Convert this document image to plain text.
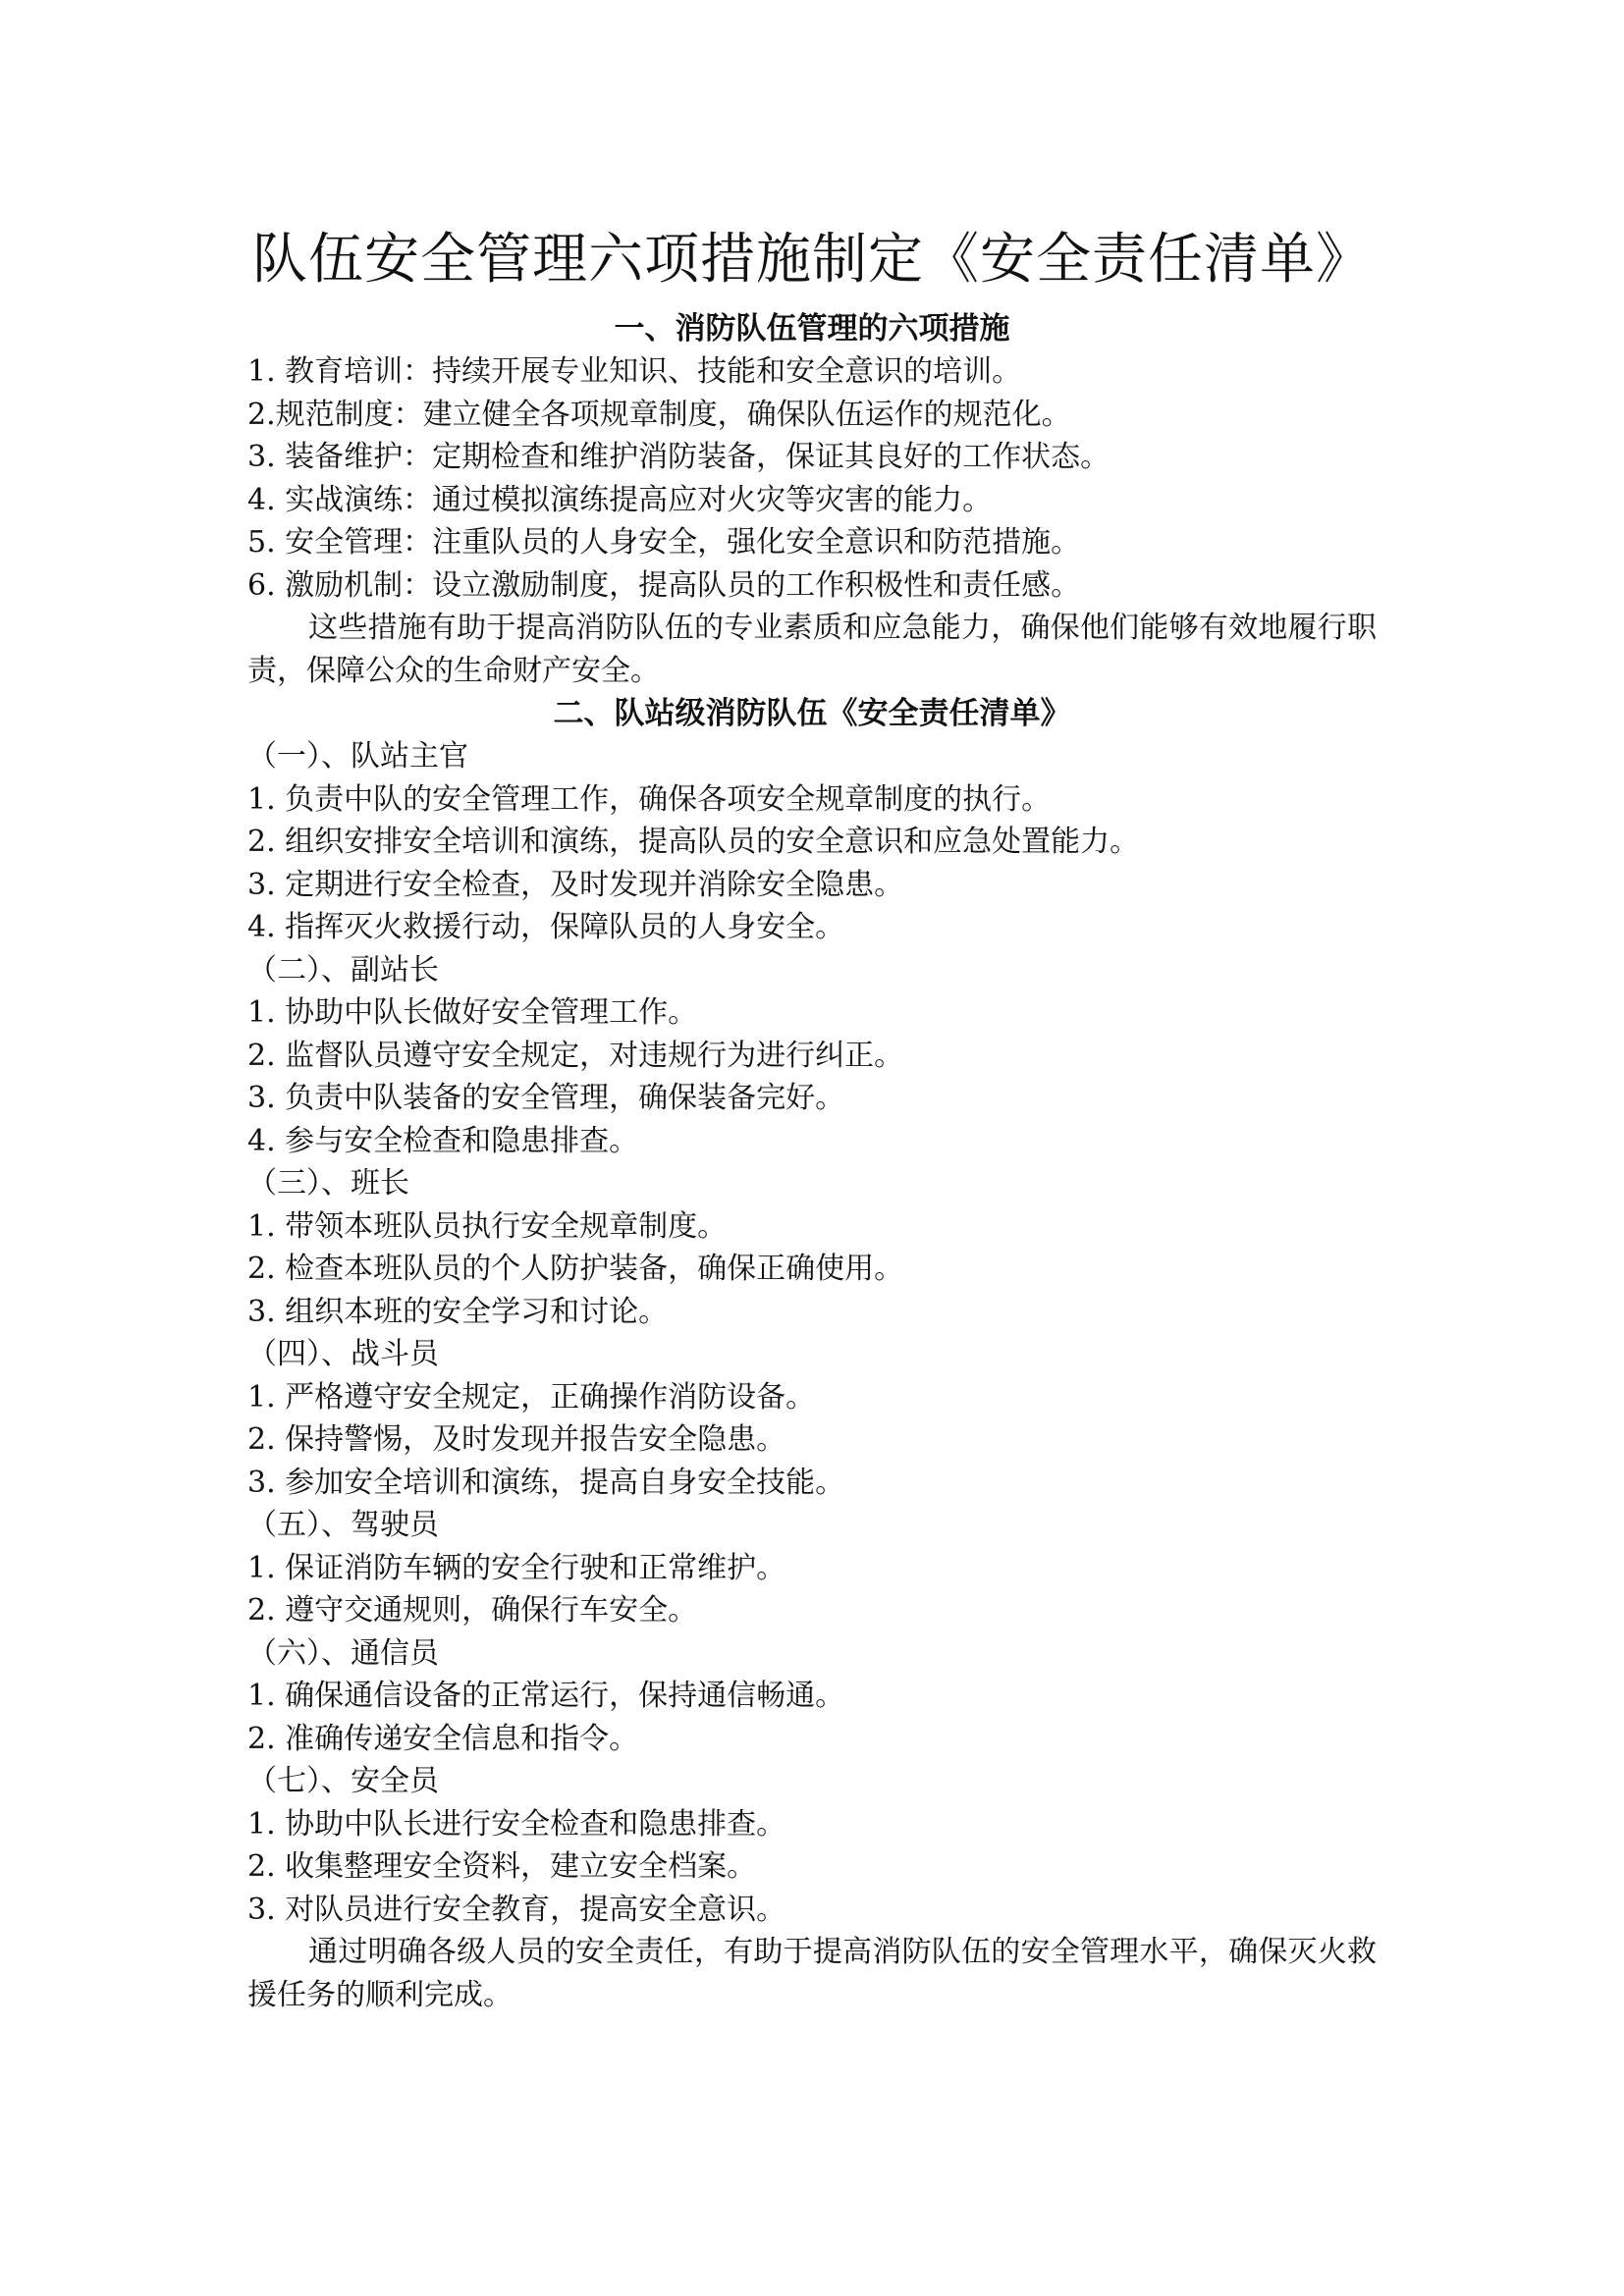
队伍安全管理六项措施制定《安全责任清单》
一、消防队伍管理的六项措施

1. 教育培训：持续开展专业知识、技能和安全意识的培训。

2.规范制度：建立健全各项规章制度，确保队伍运作的规范化。

3. 装备维护：定期检查和维护消防装备，保证其良好的工作状态。

4. 实战演练：通过模拟演练提高应对火灾等灾害的能力。

5. 安全管理：注重队员的人身安全，强化安全意识和防范措施。

6. 激励机制：设立激励制度，提高队员的工作积极性和责任感。

这些措施有助于提高消防队伍的专业素质和应急能力，确保他们能够有效地履行职责，保障公众的生命财产安全。

二、队站级消防队伍《安全责任清单》

（一）、队站主官

1. 负责中队的安全管理工作，确保各项安全规章制度的执行。

2. 组织安排安全培训和演练，提高队员的安全意识和应急处置能力。

3. 定期进行安全检查，及时发现并消除安全隐患。

4. 指挥灭火救援行动，保障队员的人身安全。

（二）、副站长

1. 协助中队长做好安全管理工作。

2. 监督队员遵守安全规定，对违规行为进行纠正。

3. 负责中队装备的安全管理，确保装备完好。

4. 参与安全检查和隐患排查。

（三）、班长

1. 带领本班队员执行安全规章制度。

2. 检查本班队员的个人防护装备，确保正确使用。

3. 组织本班的安全学习和讨论。

（四）、战斗员

1. 严格遵守安全规定，正确操作消防设备。

2. 保持警惕，及时发现并报告安全隐患。

3. 参加安全培训和演练，提高自身安全技能。

（五）、驾驶员

1. 保证消防车辆的安全行驶和正常维护。

2. 遵守交通规则，确保行车安全。

（六）、通信员

1. 确保通信设备的正常运行，保持通信畅通。

2. 准确传递安全信息和指令。

（七）、安全员

1. 协助中队长进行安全检查和隐患排查。

2. 收集整理安全资料，建立安全档案。

3. 对队员进行安全教育，提高安全意识。

通过明确各级人员的安全责任，有助于提高消防队伍的安全管理水平，确保灭火救援任务的顺利完成。
